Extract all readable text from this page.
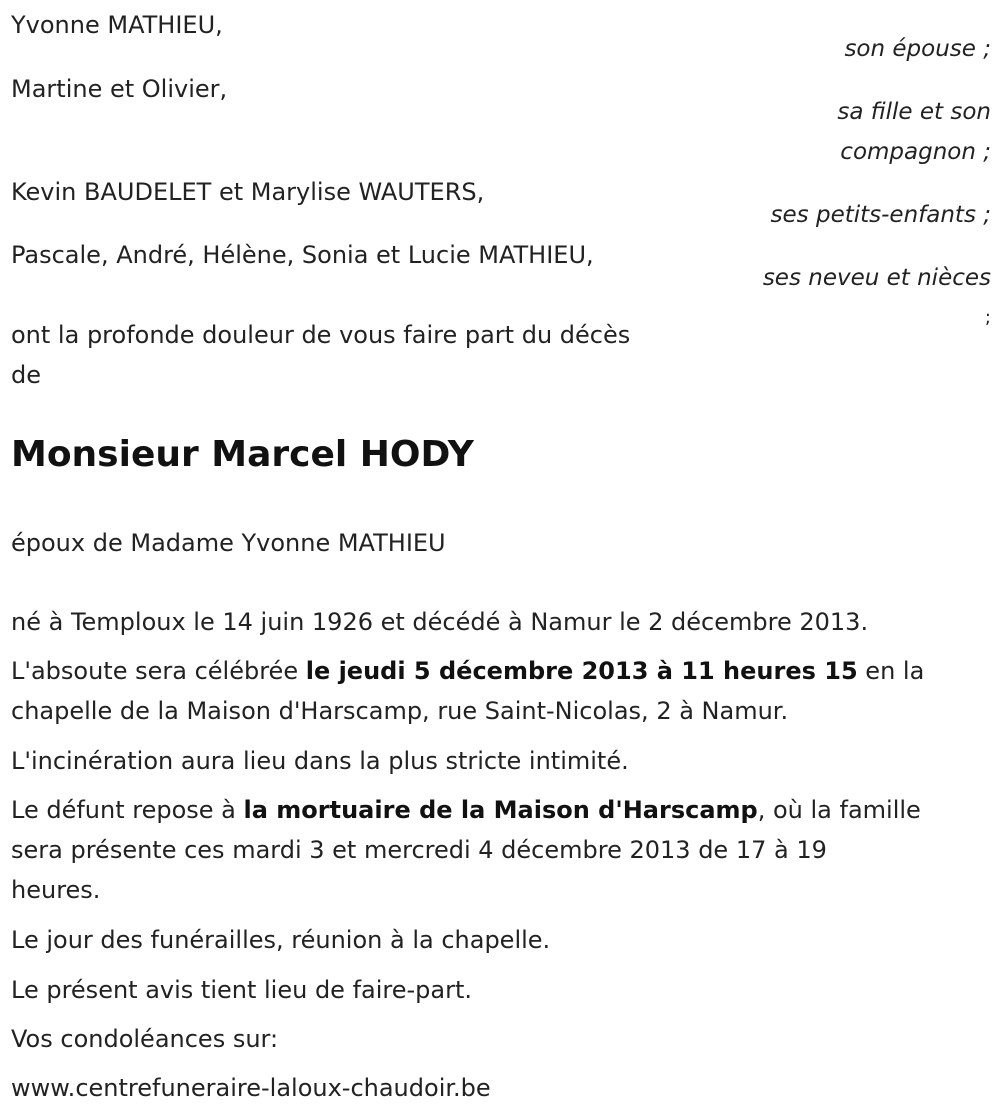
Yvonne MATHIEU,
son épouse ;
Martine et Olivier,
sa fille et son
compagnon ;
Kevin BAUDELET et Marylise WAUTERS,
ses petits-enfants ;
Pascale, André, Hélène, Sonia et Lucie MATHIEU,
ses neveu et nièces
;
ont la profonde douleur de vous faire part du décès
de
Monsieur Marcel HODY
époux de Madame Yvonne MATHIEU
né à Temploux le 14 juin 1926 et décédé à Namur le 2 décembre 2013.
L'absoute sera célébrée le jeudi 5 décembre 2013 à 11 heures 15 en la
chapelle de la Maison d'Harscamp, rue Saint-Nicolas, 2 à Namur.
L'incinération aura lieu dans la plus stricte intimité.
Le défunt repose à la mortuaire de la Maison d'Harscamp, où la famille
sera présente ces mardi 3 et mercredi 4 décembre 2013 de 17 à 19
heures.
Le jour des funérailles, réunion à la chapelle.
Le présent avis tient lieu de faire-part.
Vos condoléances sur:
www.centrefuneraire-laloux-chaudoir.be
